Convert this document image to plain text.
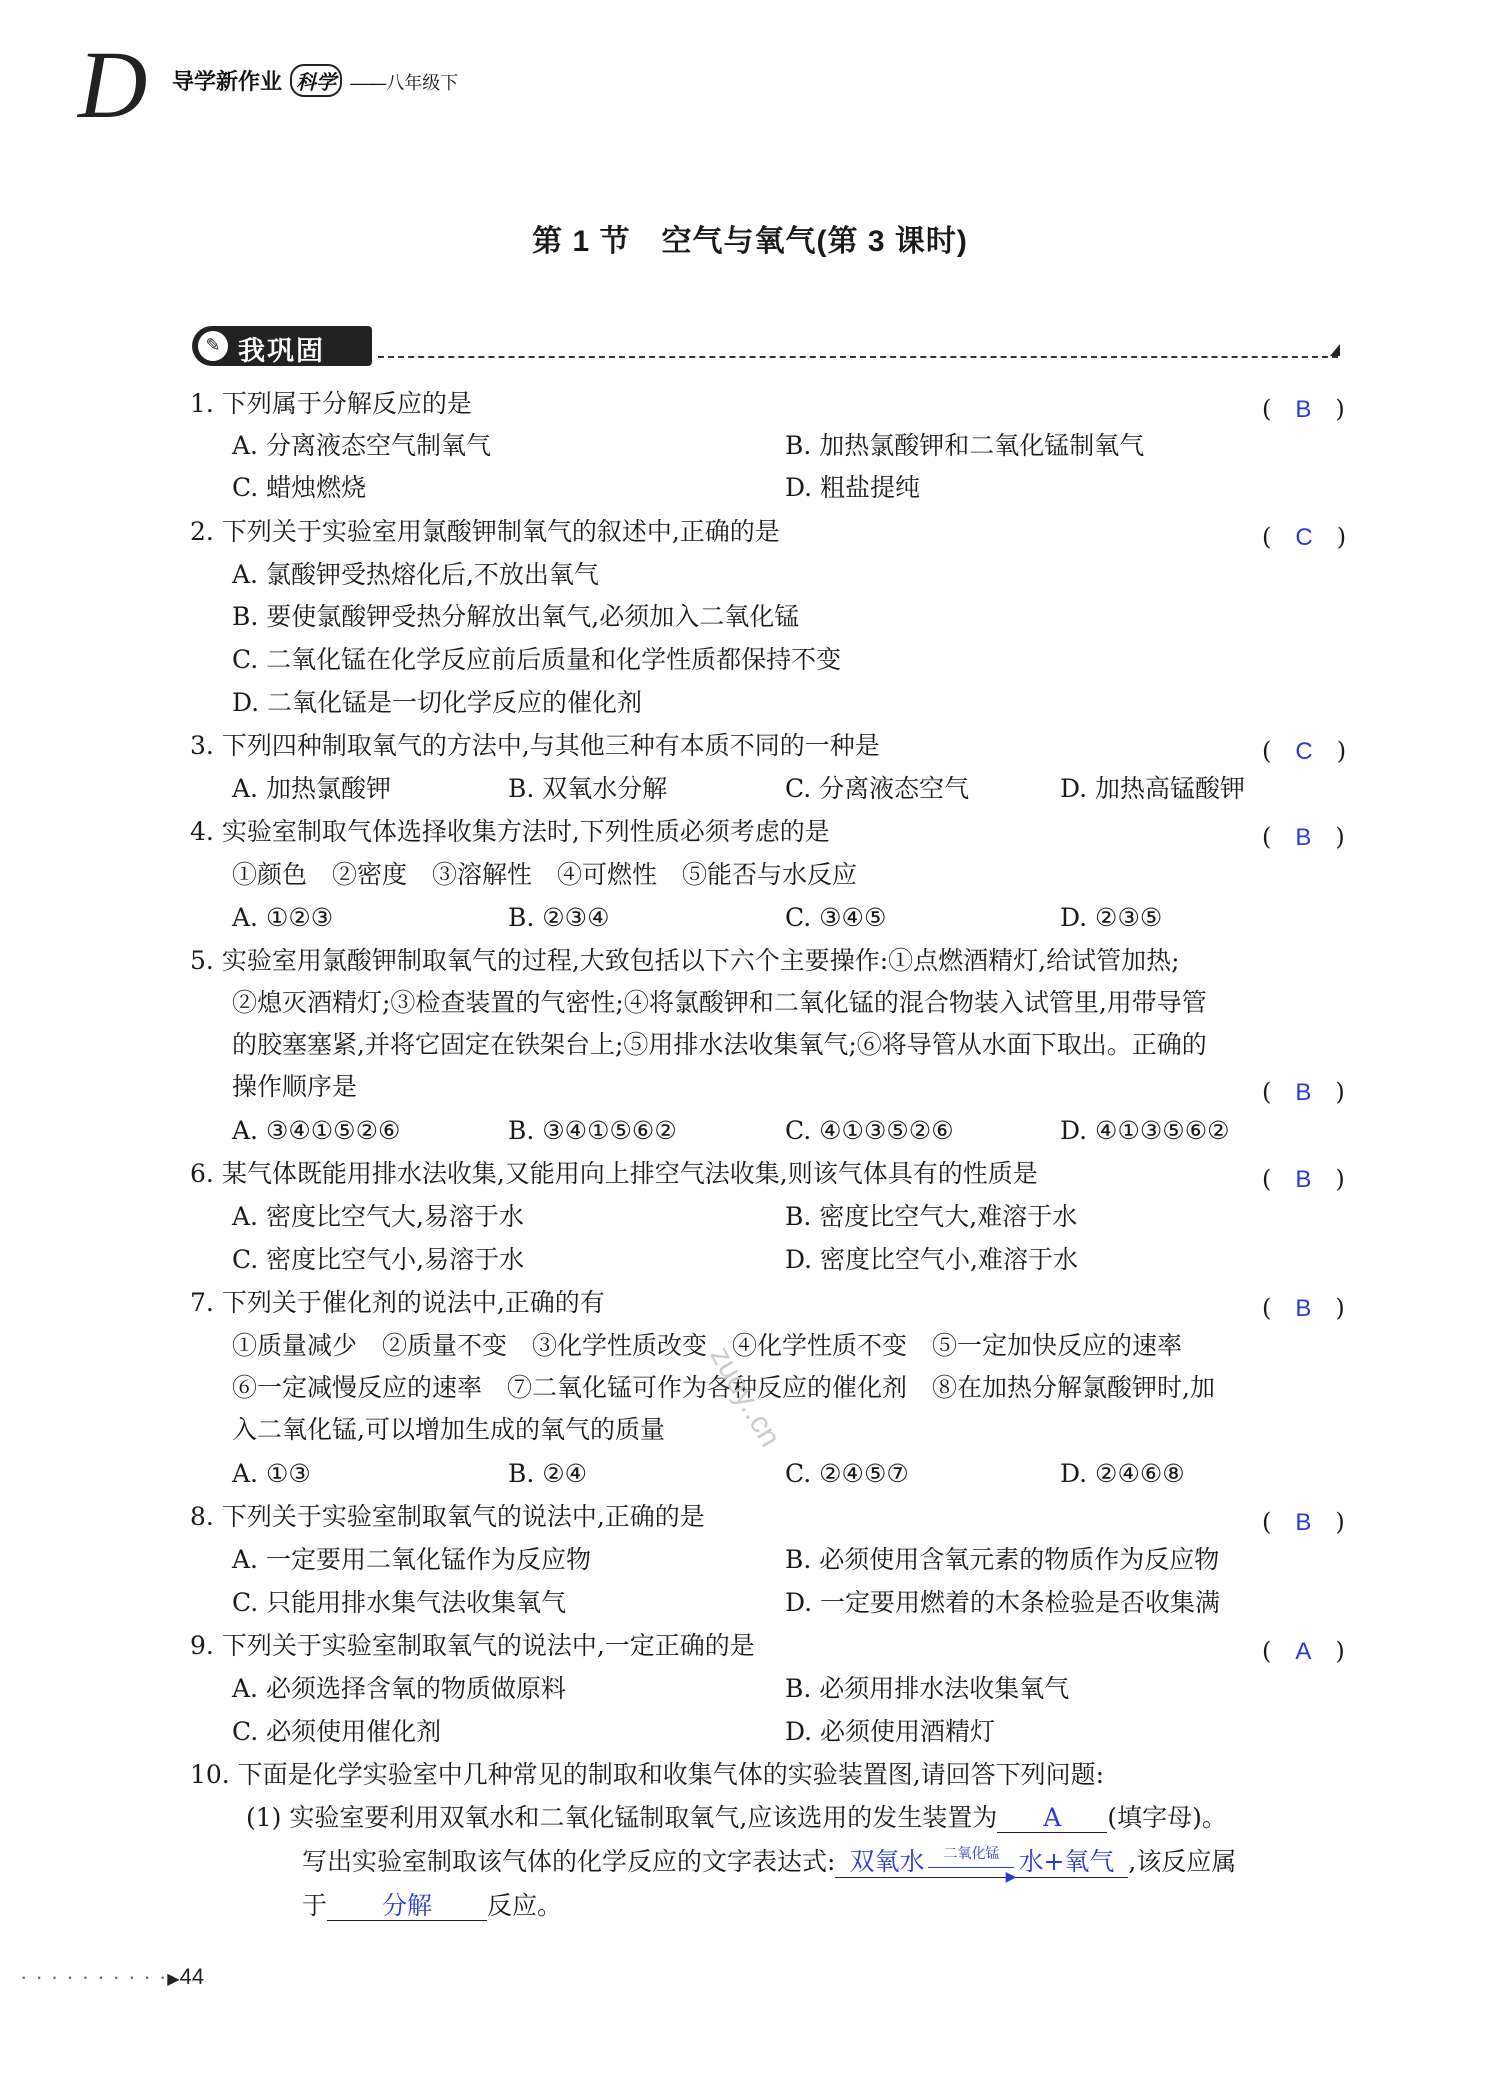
D	导学新作业 科学 ——八年级下
第 1 节　空气与氧气(第 3 课时)
✎ 我巩固
1. 下列属于分解反应的是	(　B　)
A. 分离液态空气制氧气	B. 加热氯酸钾和二氧化锰制氧气
C. 蜡烛燃烧	D. 粗盐提纯
2. 下列关于实验室用氯酸钾制氧气的叙述中,正确的是	(　C　)
A. 氯酸钾受热熔化后,不放出氧气
B. 要使氯酸钾受热分解放出氧气,必须加入二氧化锰
C. 二氧化锰在化学反应前后质量和化学性质都保持不变
D. 二氧化锰是一切化学反应的催化剂
3. 下列四种制取氧气的方法中,与其他三种有本质不同的一种是	(　C　)
A. 加热氯酸钾	B. 双氧水分解	C. 分离液态空气	D. 加热高锰酸钾
4. 实验室制取气体选择收集方法时,下列性质必须考虑的是	(　B　)
①颜色　②密度　③溶解性　④可燃性　⑤能否与水反应
A. ①②③	B. ②③④	C. ③④⑤	D. ②③⑤
5. 实验室用氯酸钾制取氧气的过程,大致包括以下六个主要操作:①点燃酒精灯,给试管加热;
②熄灭酒精灯;③检查装置的气密性;④将氯酸钾和二氧化锰的混合物装入试管里,用带导管
的胶塞塞紧,并将它固定在铁架台上;⑤用排水法收集氧气;⑥将导管从水面下取出。正确的
操作顺序是	(　B　)
A. ③④①⑤②⑥	B. ③④①⑤⑥②	C. ④①③⑤②⑥	D. ④①③⑤⑥②
6. 某气体既能用排水法收集,又能用向上排空气法收集,则该气体具有的性质是	(　B　)
A. 密度比空气大,易溶于水	B. 密度比空气大,难溶于水
C. 密度比空气小,易溶于水	D. 密度比空气小,难溶于水
7. 下列关于催化剂的说法中,正确的有	(　B　)
①质量减少　②质量不变　③化学性质改变　④化学性质不变　⑤一定加快反应的速率
⑥一定减慢反应的速率　⑦二氧化锰可作为各种反应的催化剂　⑧在加热分解氯酸钾时,加
入二氧化锰,可以增加生成的氧气的质量
A. ①③	B. ②④	C. ②④⑤⑦	D. ②④⑥⑧
8. 下列关于实验室制取氧气的说法中,正确的是	(　B　)
A. 一定要用二氧化锰作为反应物	B. 必须使用含氧元素的物质作为反应物
C. 只能用排水集气法收集氧气	D. 一定要用燃着的木条检验是否收集满
9. 下列关于实验室制取氧气的说法中,一定正确的是	(　A　)
A. 必须选择含氧的物质做原料	B. 必须用排水法收集氧气
C. 必须使用催化剂	D. 必须使用酒精灯
10. 下面是化学实验室中几种常见的制取和收集气体的实验装置图,请回答下列问题:
(1) 实验室要利用双氧水和二氧化锰制取氧气,应该选用的发生装置为 A (填字母)。
写出实验室制取该气体的化学反应的文字表达式: 双氧水	二氧化锰
▶
水+氧气 ,该反应属
于 分解 反应。
zuoy..cn
· · · · · · · · · ·▶44
